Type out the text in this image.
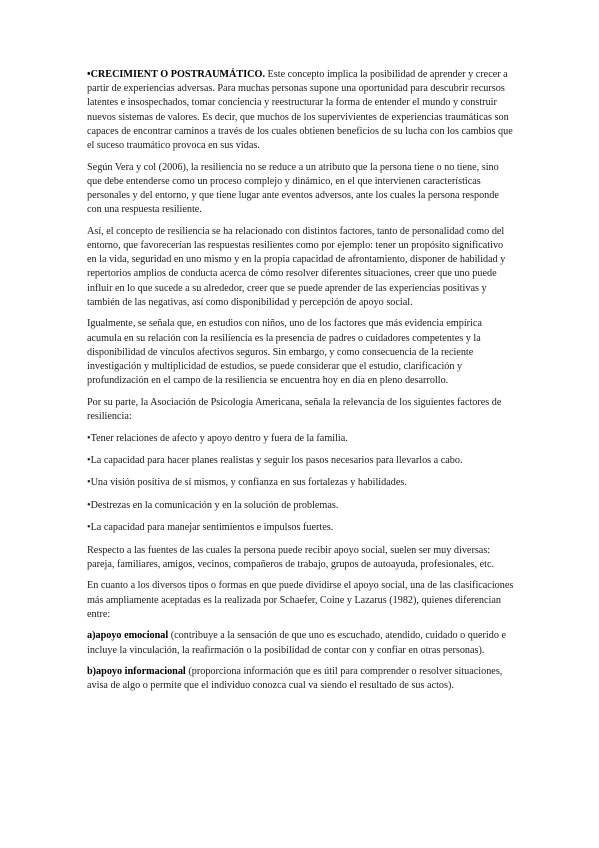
•CRECIMIENT O POSTRAUMÁTICO. Este concepto implica la posibilidad de aprender y crecer a partir de experiencias adversas. Para muchas personas supone una oportunidad para descubrir recursos latentes e insospechados, tomar conciencia y reestructurar la forma de entender el mundo y construir nuevos sistemas de valores. Es decir, que muchos de los supervivientes de experiencias traumáticas son capaces de encontrar caminos a través de los cuales obtienen beneficios de su lucha con los cambios que el suceso traumático provoca en sus vidas.

Según Vera y col (2006), la resiliencia no se reduce a un atributo que la persona tiene o no tiene, sino que debe entenderse como un proceso complejo y dinámico, en el que intervienen características personales y del entorno, y que tiene lugar ante eventos adversos, ante los cuales la persona responde con una respuesta resiliente.

Así, el concepto de resiliencia se ha relacionado con distintos factores, tanto de personalidad como del entorno, que favorecerían las respuestas resilientes como por ejemplo: tener un propósito significativo en la vida, seguridad en uno mismo y en la propia capacidad de afrontamiento, disponer de habilidad y repertorios amplios de conducta acerca de cómo resolver diferentes situaciones, creer que uno puede influir en lo que sucede a su alrededor, creer que se puede aprender de las experiencias positivas y también de las negativas, así como disponibilidad y percepción de apoyo social.

Igualmente, se señala que, en estudios con niños, uno de los factores que más evidencia empírica acumula en su relación con la resiliencia es la presencia de padres o cuidadores competentes y la disponibilidad de vínculos afectivos seguros. Sin embargo, y como consecuencia de la reciente investigación y multiplicidad de estudios, se puede considerar que el estudio, clarificación y profundización en el campo de la resiliencia se encuentra hoy en día en pleno desarrollo.

Por su parte, la Asociación de Psicología Americana, señala la relevancia de los siguientes factores de resiliencia:

•Tener relaciones de afecto y apoyo dentro y fuera de la familia.

•La capacidad para hacer planes realistas y seguir los pasos necesarios para llevarlos a cabo.

•Una visión positiva de sí mismos, y confianza en sus fortalezas y habilidades.

•Destrezas en la comunicación y en la solución de problemas.

•La capacidad para manejar sentimientos e impulsos fuertes.

Respecto a las fuentes de las cuales la persona puede recibir apoyo social, suelen ser muy diversas: pareja, familiares, amigos, vecinos, compañeros de trabajo, grupos de autoayuda, profesionales, etc.

En cuanto a los diversos tipos o formas en que puede dividirse el apoyo social, una de las clasificaciones más ampliamente aceptadas es la realizada por Schaefer, Coine y Lazarus (1982), quienes diferencian entre:

a)apoyo emocional (contribuye a la sensación de que uno es escuchado, atendido, cuidado o querido e incluye la vinculación, la reafirmación o la posibilidad de contar con y confiar en otras personas).

b)apoyo informacional (proporciona información que es útil para comprender o resolver situaciones, avisa de algo o permite que el individuo conozca cual va siendo el resultado de sus actos).
